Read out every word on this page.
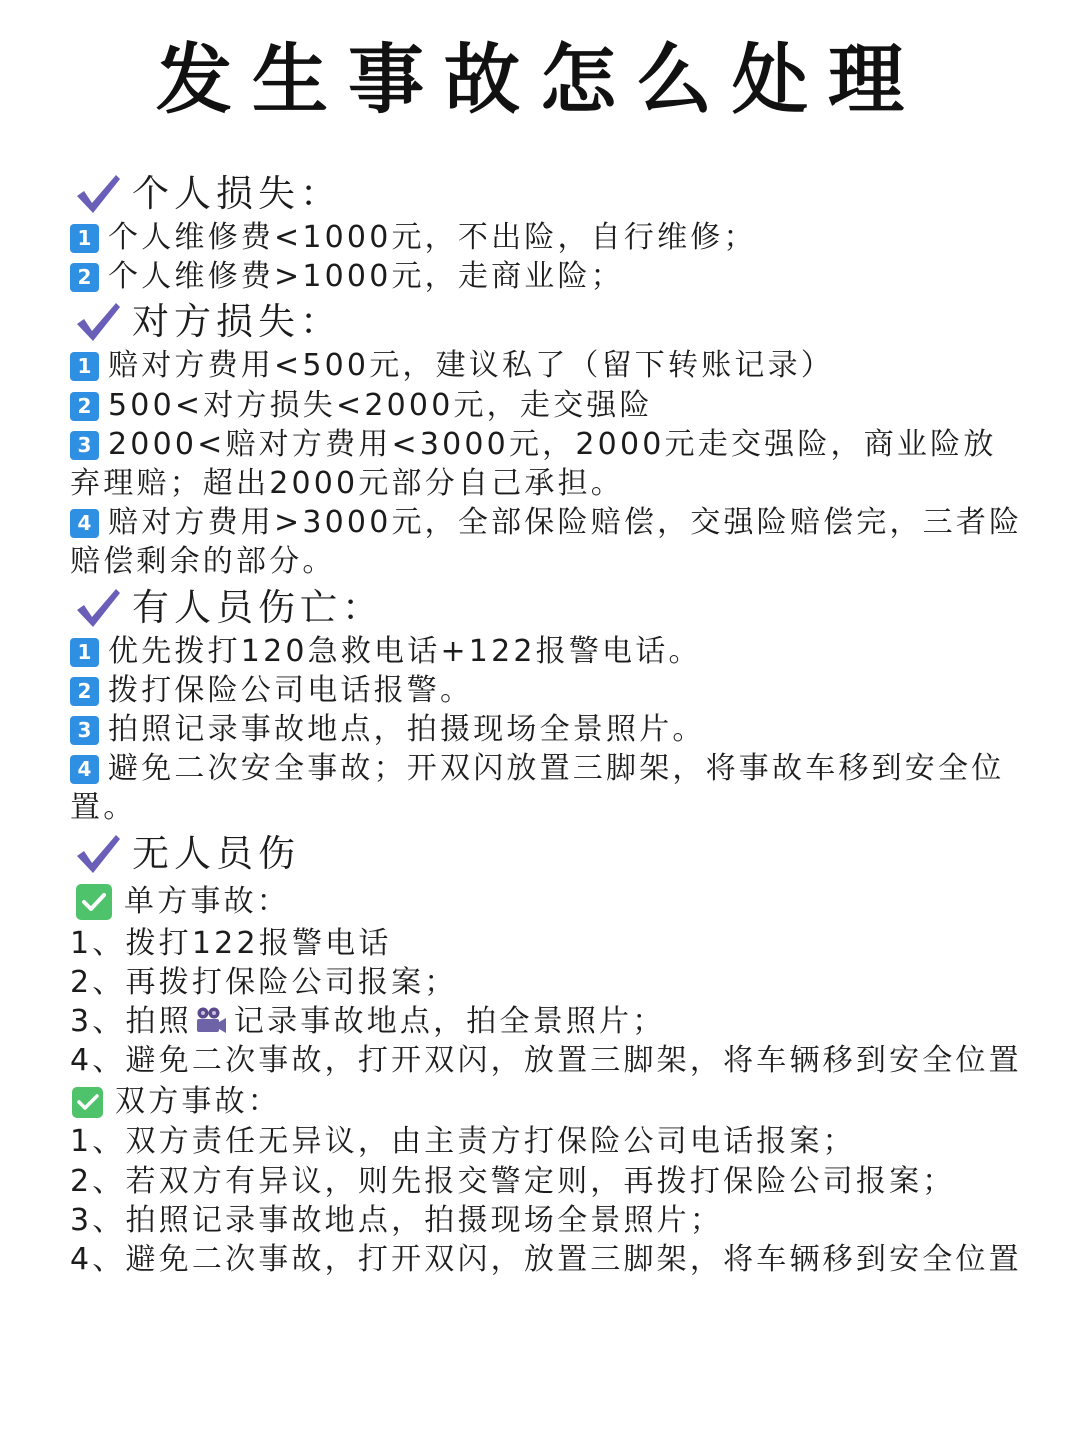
发生事故怎么处理
个人损失：
1 个人维修费<1000元，不出险，自行维修；
2 个人维修费>1000元，走商业险；
对方损失：
1 赔对方费用<500元，建议私了（留下转账记录）
2 500<对方损失<2000元，走交强险
3 2000<赔对方费用<3000元，2000元走交强险，商业险放弃理赔；超出2000元部分自己承担。
4 赔对方费用>3000元，全部保险赔偿，交强险赔偿完，三者险赔偿剩余的部分。
有人员伤亡：
1 优先拨打120急救电话+122报警电话。
2 拨打保险公司电话报警。
3 拍照记录事故地点，拍摄现场全景照片。
4 避免二次安全事故；开双闪放置三脚架，将事故车移到安全位置。
无人员伤
单方事故：
1、拨打122报警电话
2、再拨打保险公司报案；
3、拍照 记录事故地点，拍全景照片；
4、避免二次事故，打开双闪，放置三脚架，将车辆移到安全位置
双方事故：
1、双方责任无异议，由主责方打保险公司电话报案；
2、若双方有异议，则先报交警定则，再拨打保险公司报案；
3、拍照记录事故地点，拍摄现场全景照片；
4、避免二次事故，打开双闪，放置三脚架，将车辆移到安全位置
